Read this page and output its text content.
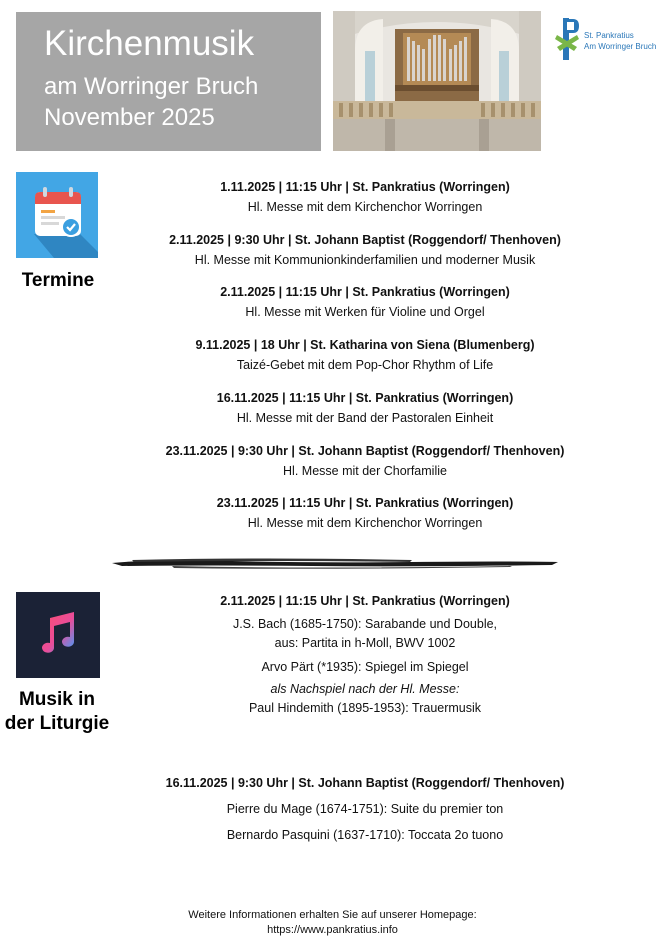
Kirchenmusik
am Worringer Bruch
November 2025
St. Pankratius
Am Worringer Bruch
Termine
1.11.2025 | 11:15 Uhr | St. Pankratius (Worringen)
Hl. Messe mit dem Kirchenchor Worringen
2.11.2025 | 9:30 Uhr | St. Johann Baptist (Roggendorf/ Thenhoven)
Hl. Messe mit Kommunionkinderfamilien und moderner Musik
2.11.2025 | 11:15 Uhr | St. Pankratius (Worringen)
Hl. Messe mit Werken für Violine und Orgel
9.11.2025 | 18 Uhr | St. Katharina von Siena (Blumenberg)
Taizé-Gebet mit dem Pop-Chor Rhythm of Life
16.11.2025 | 11:15 Uhr | St. Pankratius (Worringen)
Hl. Messe mit der Band der Pastoralen Einheit
23.11.2025 | 9:30 Uhr | St. Johann Baptist (Roggendorf/ Thenhoven)
Hl. Messe mit der Chorfamilie
23.11.2025 | 11:15 Uhr | St. Pankratius (Worringen)
Hl. Messe mit dem Kirchenchor Worringen
Musik in
der Liturgie
2.11.2025 | 11:15 Uhr | St. Pankratius (Worringen)
J.S. Bach (1685-1750): Sarabande und Double,
aus: Partita in h-Moll, BWV 1002
Arvo Pärt (*1935): Spiegel im Spiegel
als Nachspiel nach der Hl. Messe:
Paul Hindemith (1895-1953): Trauermusik
16.11.2025 | 9:30 Uhr | St. Johann Baptist (Roggendorf/ Thenhoven)
Pierre du Mage (1674-1751): Suite du premier ton
Bernardo Pasquini (1637-1710): Toccata 2o tuono
Weitere Informationen erhalten Sie auf unserer Homepage:
https://www.pankratius.info
